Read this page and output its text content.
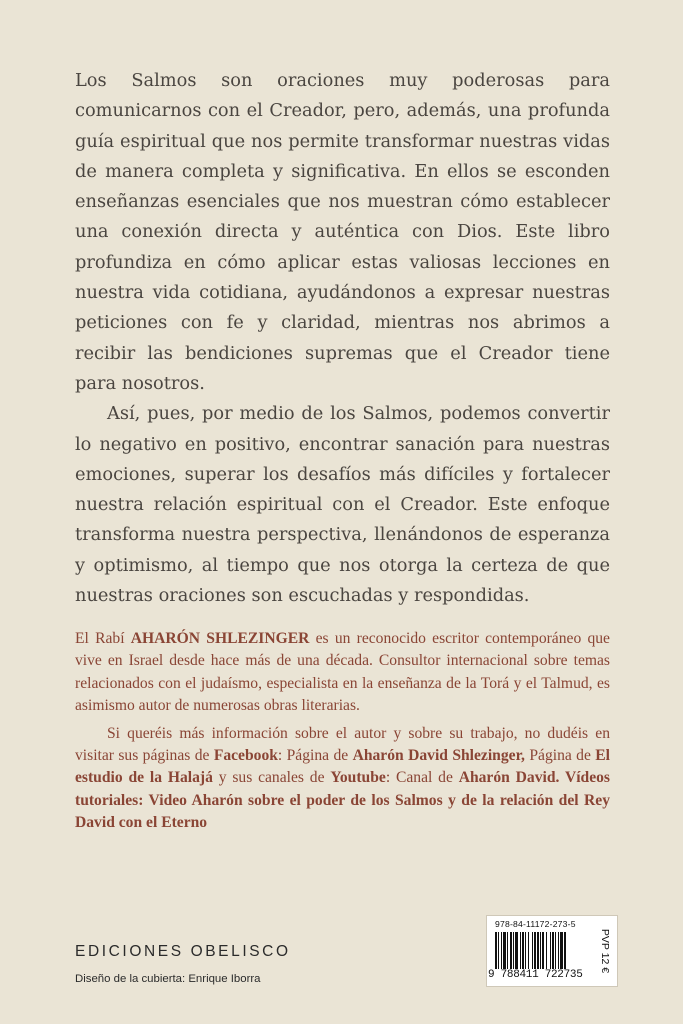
Los Salmos son oraciones muy poderosas para comunicarnos con el Creador, pero, además, una profunda guía espiritual que nos permite transformar nuestras vidas de manera completa y significativa. En ellos se esconden enseñanzas esenciales que nos muestran cómo establecer una conexión directa y auténtica con Dios. Este libro profundiza en cómo aplicar estas valiosas lecciones en nuestra vida cotidiana, ayudándonos a expresar nuestras peticiones con fe y claridad, mientras nos abrimos a recibir las bendiciones supremas que el Creador tiene para nosotros.

Así, pues, por medio de los Salmos, podemos convertir lo negativo en positivo, encontrar sanación para nuestras emociones, superar los desafíos más difíciles y fortalecer nuestra relación espiritual con el Creador. Este enfoque transforma nuestra perspectiva, llenándonos de esperanza y optimismo, al tiempo que nos otorga la certeza de que nuestras oraciones son escuchadas y respondidas.

El Rabí AHARÓN SHLEZINGER es un reconocido escritor contemporáneo que vive en Israel desde hace más de una década. Consultor internacional sobre temas relacionados con el judaísmo, especialista en la enseñanza de la Torá y el Talmud, es asimismo autor de numerosas obras literarias.

Si queréis más información sobre el autor y sobre su trabajo, no dudéis en visitar sus páginas de Facebook: Página de Aharón David Shlezinger, Página de El estudio de la Halajá y sus canales de Youtube: Canal de Aharón David. Vídeos tutoriales: Video Aharón sobre el poder de los Salmos y de la relación del Rey David con el Eterno

EDICIONES OBELISCO
Diseño de la cubierta: Enrique Iborra
978-84-11172-273-5
9 788411 722735
PVP 12 €
